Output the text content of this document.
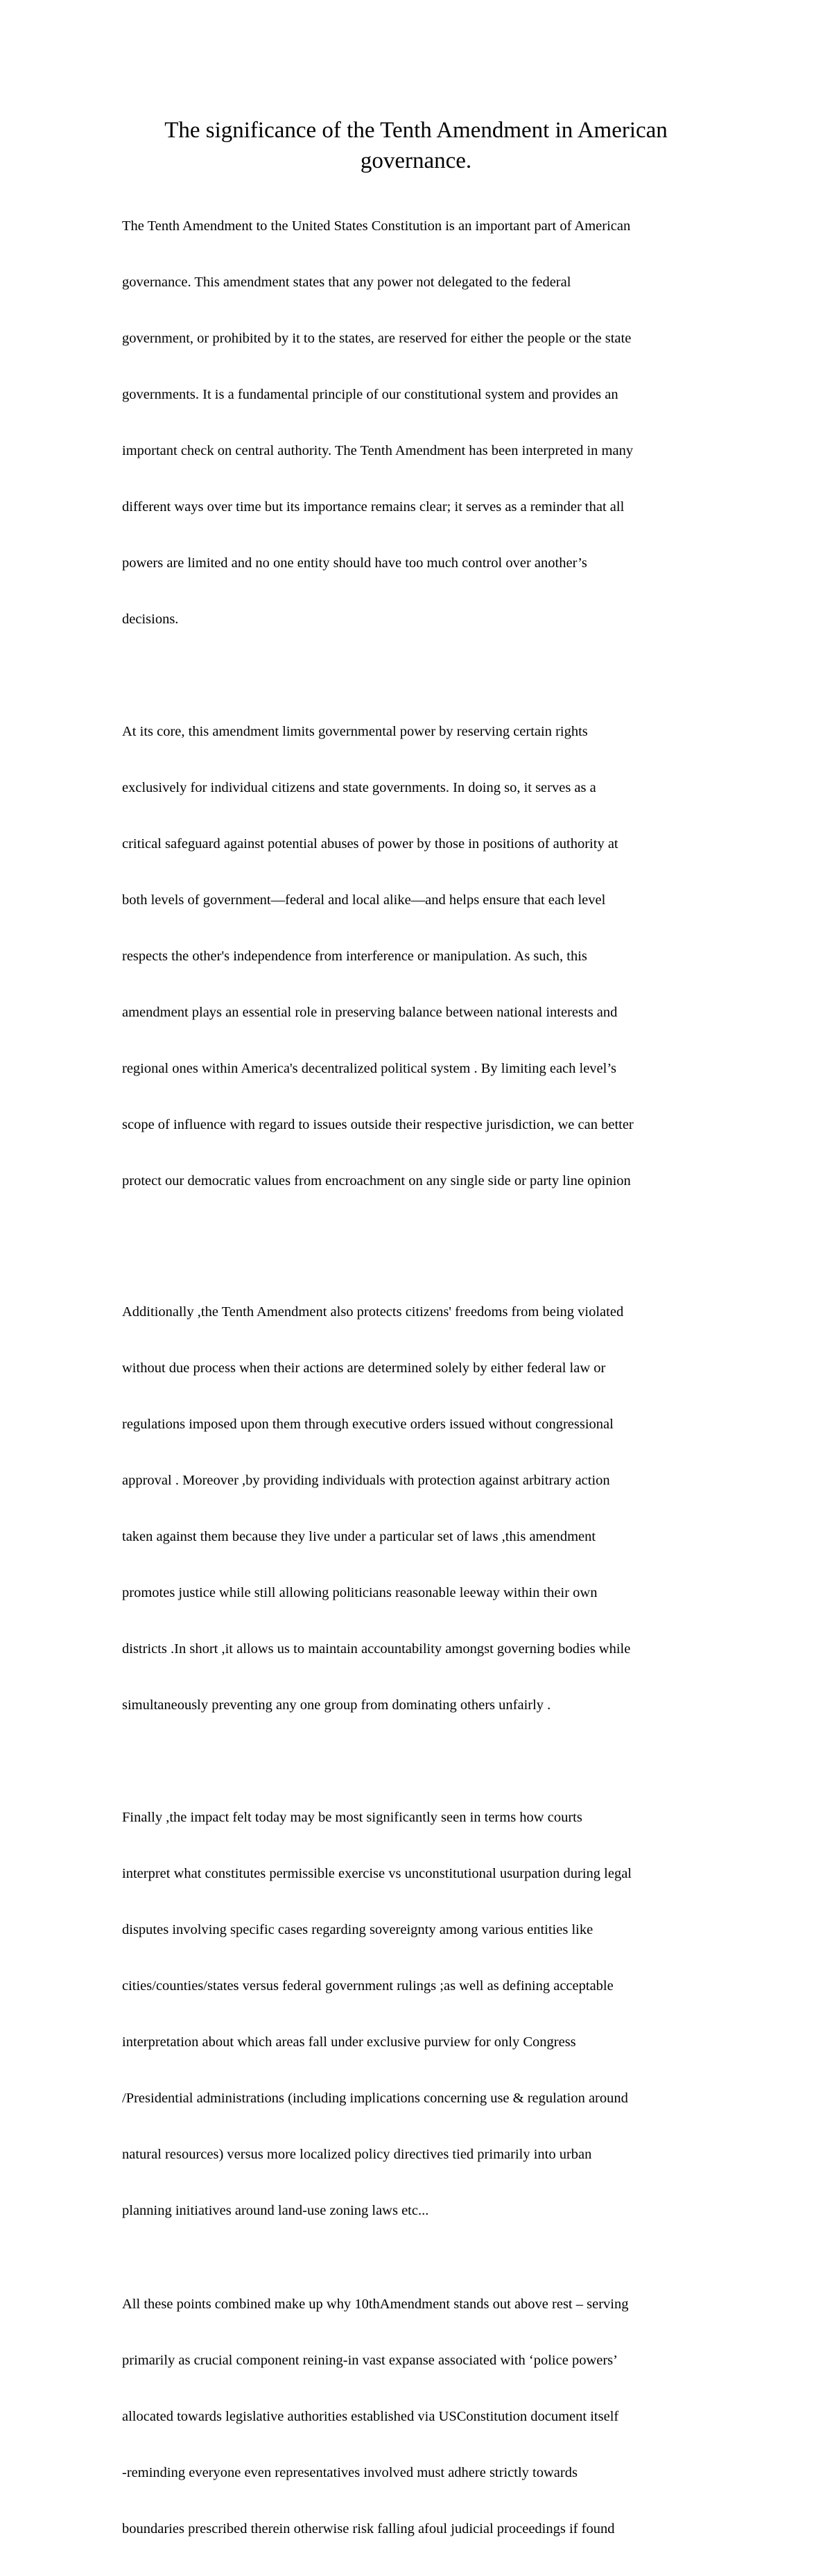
The significance of the Tenth Amendment in American
governance.

The Tenth Amendment to the United States Constitution is an important part of American

governance. This amendment states that any power not delegated to the federal

government, or prohibited by it to the states, are reserved for either the people or the state

governments. It is a fundamental principle of our constitutional system and provides an

important check on central authority. The Tenth Amendment has been interpreted in many

different ways over time but its importance remains clear; it serves as a reminder that all

powers are limited and no one entity should have too much control over another’s

decisions.

At its core, this amendment limits governmental power by reserving certain rights

exclusively for individual citizens and state governments. In doing so, it serves as a

critical safeguard against potential abuses of power by those in positions of authority at

both levels of government—federal and local alike—and helps ensure that each level

respects the other's independence from interference or manipulation. As such, this

amendment plays an essential role in preserving balance between national interests and

regional ones within America's decentralized political system . By limiting each level’s

scope of influence with regard to issues outside their respective jurisdiction, we can better

protect our democratic values from encroachment on any single side or party line opinion

Additionally ,the Tenth Amendment also protects citizens' freedoms from being violated

without due process when their actions are determined solely by either federal law or

regulations imposed upon them through executive orders issued without congressional

approval . Moreover ,by providing individuals with protection against arbitrary action

taken against them because they live under a particular set of laws ,this amendment

promotes justice while still allowing politicians reasonable leeway within their own

districts .In short ,it allows us to maintain accountability amongst governing bodies while

simultaneously preventing any one group from dominating others unfairly .

Finally ,the impact felt today may be most significantly seen in terms how courts

interpret what constitutes permissible exercise vs unconstitutional usurpation during legal

disputes involving specific cases regarding sovereignty among various entities like

cities/counties/states versus federal government rulings ;as well as defining acceptable

interpretation about which areas fall under exclusive purview for only Congress

/Presidential administrations (including implications concerning use & regulation around

natural resources) versus more localized policy directives tied primarily into urban

planning initiatives around land-use zoning laws etc...

All these points combined make up why 10thAmendment stands out above rest – serving

primarily as crucial component reining-in vast expanse associated with ‘police powers’

allocated towards legislative authorities established via USConstitution document itself

-reminding everyone even representatives involved must adhere strictly towards

boundaries prescribed therein otherwise risk falling afoul judicial proceedings if found
